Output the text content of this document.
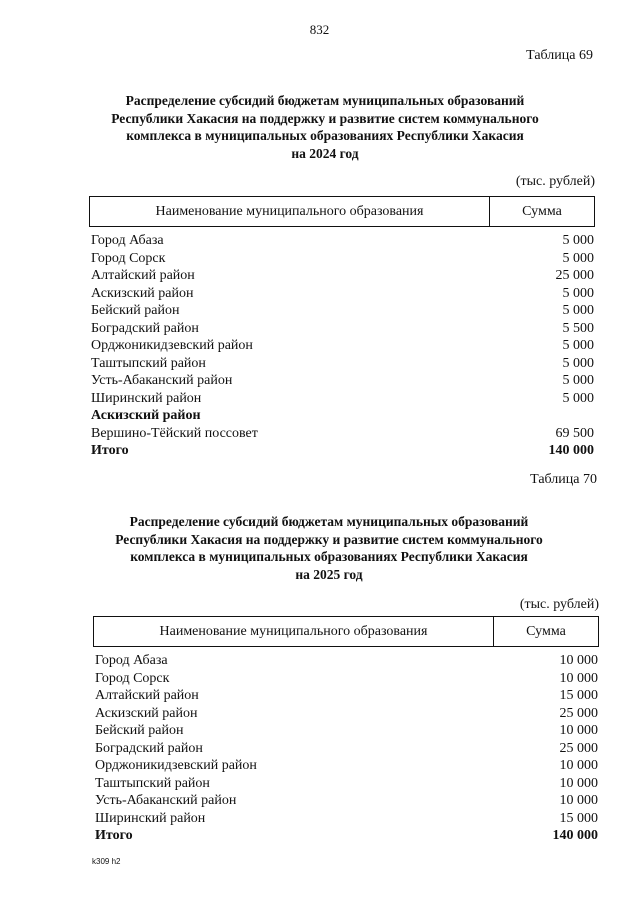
832
Таблица 69
Распределение субсидий бюджетам муниципальных образований
Республики Хакасия на поддержку и развитие систем коммунального
комплекса в муниципальных образованиях Республики Хакасия
на 2024 год
(тыс. рублей)
Наименование муниципального образования	Сумма
Город Абаза	5 000
Город Сорск	5 000
Алтайский район	25 000
Аскизский район	5 000
Бейский район	5 000
Боградский район	5 500
Орджоникидзевский район	5 000
Таштыпский район	5 000
Усть-Абаканский район	5 000
Ширинский район	5 000
Аскизский район
Вершино-Тёйский поссовет	69 500
Итого	140 000
Таблица 70
Распределение субсидий бюджетам муниципальных образований
Республики Хакасия на поддержку и развитие систем коммунального
комплекса в муниципальных образованиях Республики Хакасия
на 2025 год
(тыс. рублей)
Наименование муниципального образования	Сумма
Город Абаза	10 000
Город Сорск	10 000
Алтайский район	15 000
Аскизский район	25 000
Бейский район	10 000
Боградский район	25 000
Орджоникидзевский район	10 000
Таштыпский район	10 000
Усть-Абаканский район	10 000
Ширинский район	15 000
Итого	140 000
k309 h2
